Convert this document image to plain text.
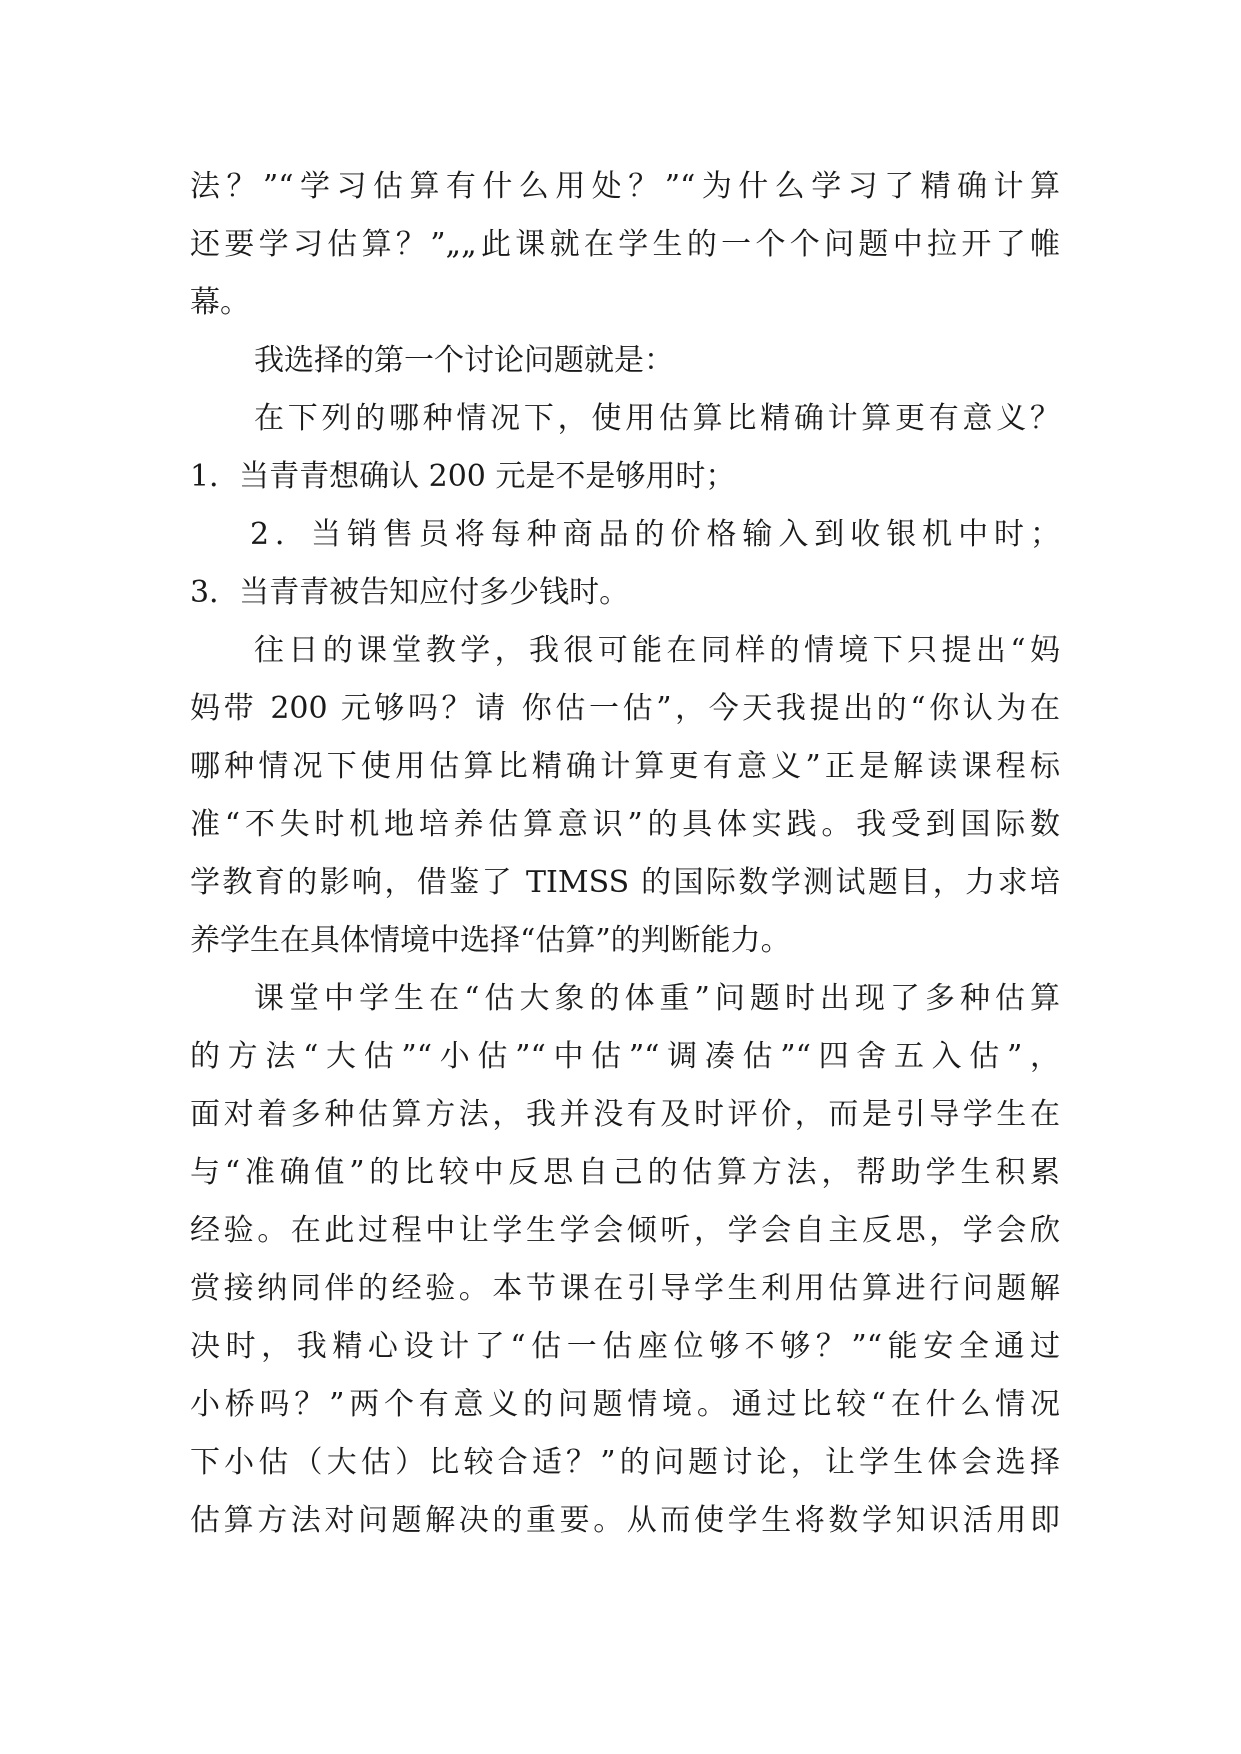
法？”“学习估算有什么用处？”“为什么学习了精确计算
还要学习估算？”„„此课就在学生的一个个问题中拉开了帷
幕。
我选择的第一个讨论问题就是：
在下列的哪种情况下，使用估算比精确计算更有意义？
1．当青青想确认 200 元是不是够用时；
2．当销售员将每种商品的价格输入到收银机中时；
3．当青青被告知应付多少钱时。
往日的课堂教学，我很可能在同样的情境下只提出“妈
妈带 200 元够吗？请 你估一估”，今天我提出的“你认为在
哪种情况下使用估算比精确计算更有意义”正是解读课程标
准“不失时机地培养估算意识”的具体实践。我受到国际数
学教育的影响，借鉴了 TIMSS 的国际数学测试题目，力求培
养学生在具体情境中选择“估算”的判断能力。
课堂中学生在“估大象的体重”问题时出现了多种估算
的方法“大估”“小估”“中估”“调凑估”“四舍五入估”，
面对着多种估算方法，我并没有及时评价，而是引导学生在
与“准确值”的比较中反思自己的估算方法，帮助学生积累
经验。在此过程中让学生学会倾听，学会自主反思，学会欣
赏接纳同伴的经验。本节课在引导学生利用估算进行问题解
决时，我精心设计了“估一估座位够不够？”“能安全通过
小桥吗？”两个有意义的问题情境。通过比较“在什么情况
下小估（大估）比较合适？”的问题讨论，让学生体会选择
估算方法对问题解决的重要。从而使学生将数学知识活用即
